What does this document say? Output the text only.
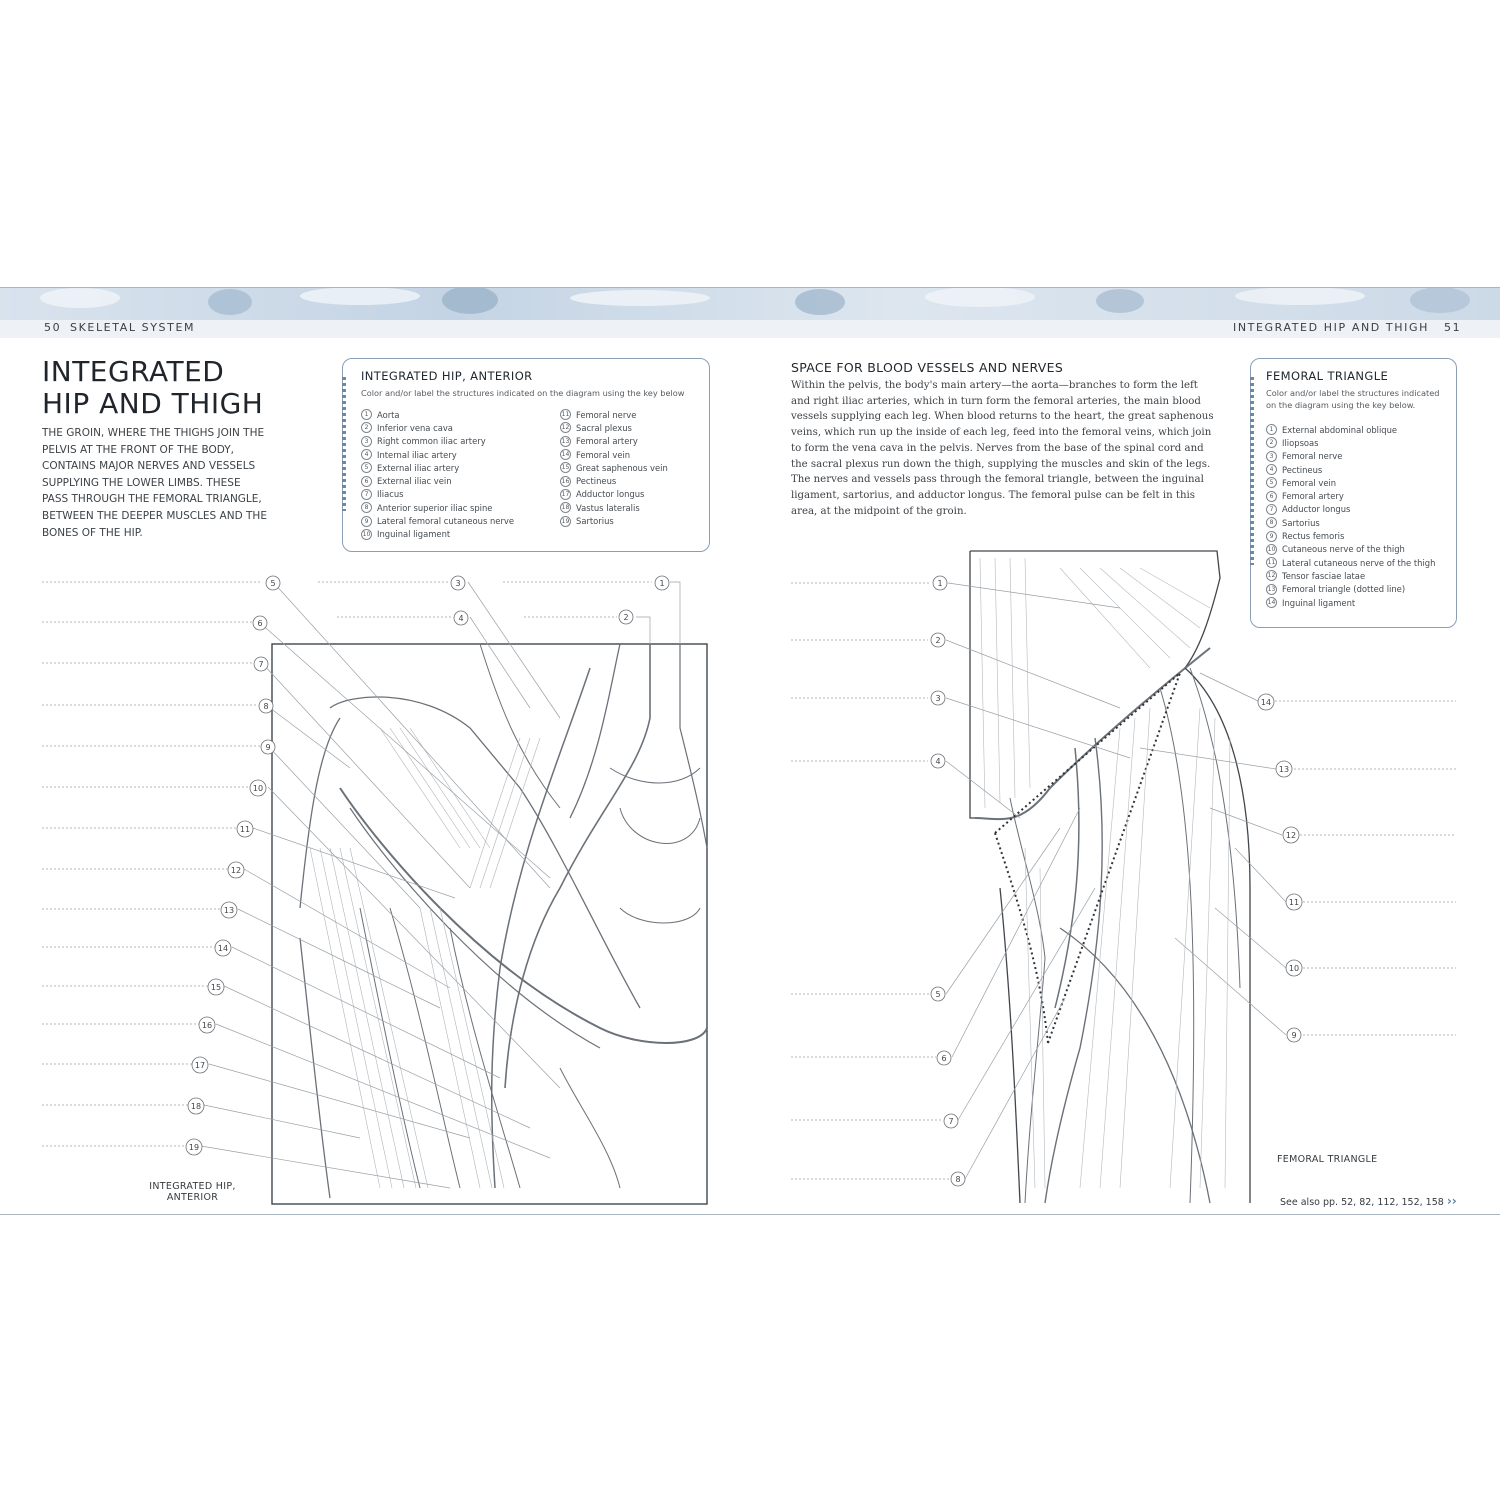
50 SKELETAL SYSTEM	INTEGRATED HIP AND THIGH 51
INTEGRATED
HIP AND THIGH
THE GROIN, WHERE THE THIGHS JOIN THE PELVIS AT THE FRONT OF THE BODY, CONTAINS MAJOR NERVES AND VESSELS SUPPLYING THE LOWER LIMBS. THESE PASS THROUGH THE FEMORAL TRIANGLE, BETWEEN THE DEEPER MUSCLES AND THE BONES OF THE HIP.
INTEGRATED HIP, ANTERIOR
Color and/or label the structures indicated on the diagram using the key below
1	Aorta
2	Inferior vena cava
3	Right common iliac artery
4	Internal iliac artery
5	External iliac artery
6	External iliac vein
7	Iliacus
8	Anterior superior iliac spine
9	Lateral femoral cutaneous nerve
10 Inguinal ligament
11 Femoral nerve
12 Sacral plexus
13 Femoral artery
14 Femoral vein
15 Great saphenous vein
16 Pectineus
17 Adductor longus
18 Vastus lateralis
19 Sartorius
SPACE FOR BLOOD VESSELS AND NERVES
Within the pelvis, the body's main artery—the aorta—branches to form the left and right iliac arteries, which in turn form the femoral arteries, the main blood vessels supplying each leg. When blood returns to the heart, the great saphenous veins, which run up the inside of each leg, feed into the femoral veins, which join to form the vena cava in the pelvis. Nerves from the base of the spinal cord and the sacral plexus run down the thigh, supplying the muscles and skin of the legs. The nerves and vessels pass through the femoral triangle, between the inguinal ligament, sartorius, and adductor longus. The femoral pulse can be felt in this area, at the midpoint of the groin.
FEMORAL TRIANGLE
Color and/or label the structures indicated on the diagram using the key below.
1	External abdominal oblique
2	Iliopsoas
3	Femoral nerve
4	Pectineus
5	Femoral vein
6	Femoral artery
7	Adductor longus
8	Sartorius
9	Rectus femoris
10 Cutaneous nerve of the thigh
11 Lateral cutaneous nerve of the thigh
12 Tensor fasciae latae
13 Femoral triangle (dotted line)
14 Inguinal ligament
INTEGRATED HIP,
ANTERIOR
FEMORAL TRIANGLE
See also pp. 52, 82, 112, 152, 158 ››
5	3	1
4	2
6
7
8
9
10
11
12
13
14
15
16
17
18
19
1
2
3
4
5
6
7
8
14
13
12
11
10
9
